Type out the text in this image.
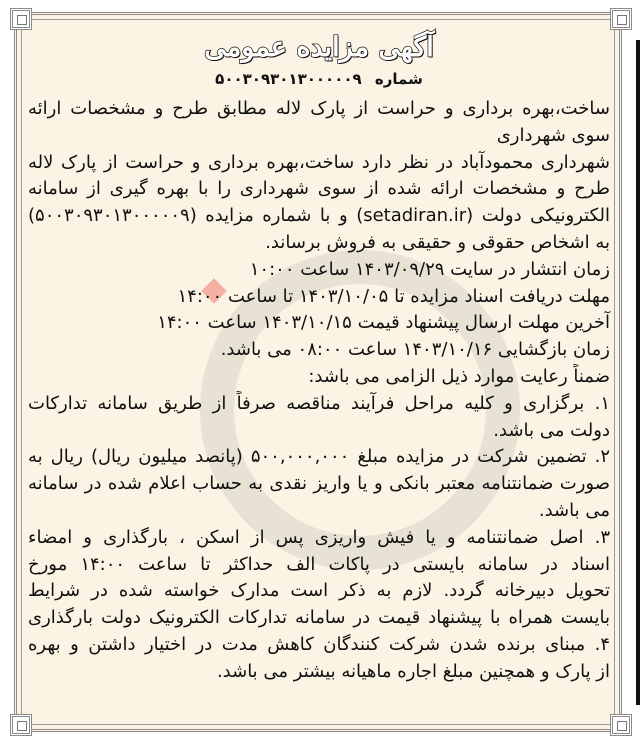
آگهی مزایده عمومی
شماره ۵۰۰۳۰۹۳۰۱۳۰۰۰۰۰۹
ساخت،بهره برداری و حراست از پارک لاله مطابق طرح و مشخصات ارائه
سوی شهرداری
شهرداری محمودآباد در نظر دارد ساخت،بهره برداری و حراست از پارک لاله
طرح و مشخصات ارائه شده از سوی شهرداری را با بهره گیری از سامانه
الکترونیکی دولت (setadiran.ir) و با شماره مزایده (۵۰۰۳۰۹۳۰۱۳۰۰۰۰۰۹)
به اشخاص حقوقی و حقیقی به فروش برساند.
زمان انتشار در سایت ۱۴۰۳/۰۹/۲۹ ساعت ۱۰:۰۰
مهلت دریافت اسناد مزایده تا ۱۴۰۳/۱۰/۰۵ تا ساعت ۱۴:۰۰
آخرین مهلت ارسال پیشنهاد قیمت ۱۴۰۳/۱۰/۱۵ ساعت ۱۴:۰۰
زمان بازگشایی ۱۴۰۳/۱۰/۱۶ ساعت ۰۸:۰۰ می باشد.
ضمناً رعایت موارد ذیل الزامی می باشد:
۱. برگزاری و کلیه مراحل فرآیند مناقصه صرفاً از طریق سامانه تدارکات
دولت می باشد.
۲. تضمین شرکت در مزایده مبلغ ۵۰۰,۰۰۰,۰۰۰ (پانصد میلیون ریال) ریال به
صورت ضمانتنامه معتبر بانکی و یا واریز نقدی به حساب اعلام شده در سامانه
می باشد.
۳. اصل ضمانتنامه و یا فیش واریزی پس از اسکن ، بارگذاری و امضاء
اسناد در سامانه بایستی در پاکات الف حداکثر تا ساعت ۱۴:۰۰ مورخ
تحویل دبیرخانه گردد. لازم به ذکر است مدارک خواسته شده در شرایط
بایست همراه با پیشنهاد قیمت در سامانه تدارکات الکترونیک دولت بارگذاری
۴. مبنای برنده شدن شرکت کنندگان کاهش مدت در اختیار داشتن و بهره
از پارک و همچنین مبلغ اجاره ماهیانه بیشتر می باشد.
